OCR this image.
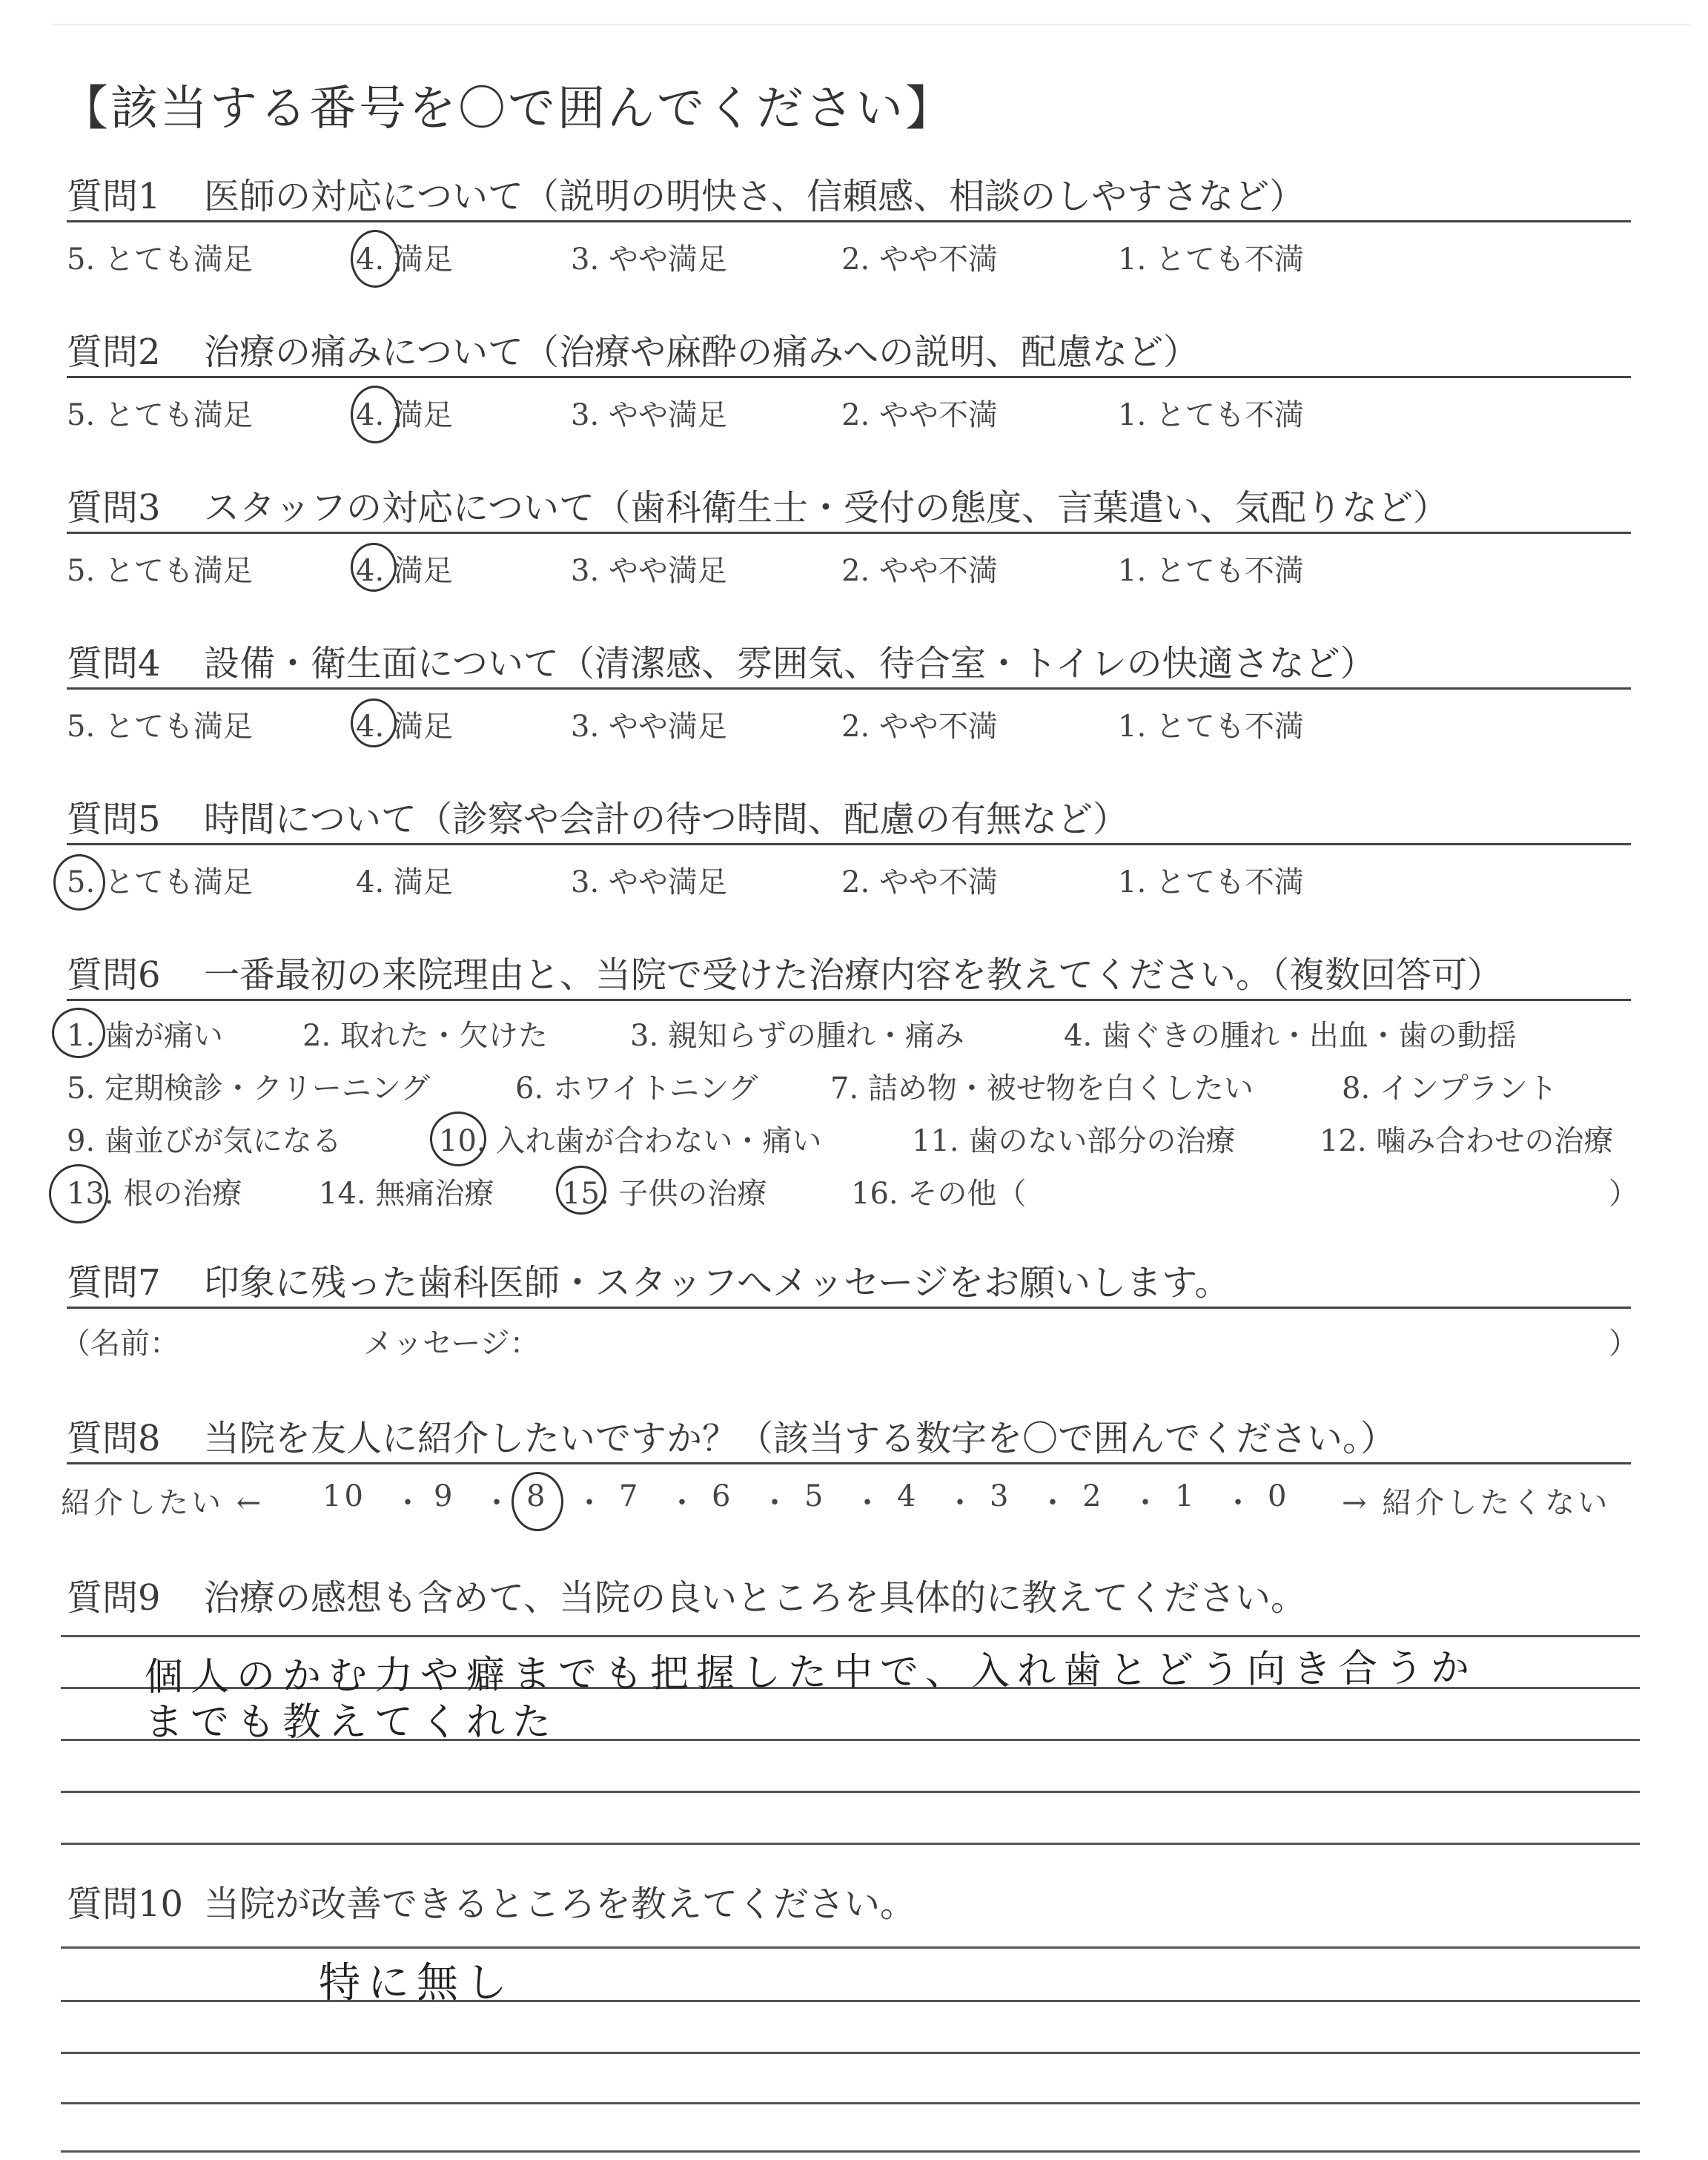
【該当する番号を〇で囲んでください】
質問1 医師の対応について（説明の明快さ、信頼感、相談のしやすさなど）
5. とても満足	4. 満足	3. やや満足	2. やや不満	1. とても不満
質問2 治療の痛みについて（治療や麻酔の痛みへの説明、配慮など）
5. とても満足	4. 満足	3. やや満足	2. やや不満	1. とても不満
質問3 スタッフの対応について（歯科衛生士・受付の態度、言葉遣い、気配りなど）
5. とても満足	4. 満足	3. やや満足	2. やや不満	1. とても不満
質問4 設備・衛生面について（清潔感、雰囲気、待合室・トイレの快適さなど）
5. とても満足	4. 満足	3. やや満足	2. やや不満	1. とても不満
質問5 時間について（診察や会計の待つ時間、配慮の有無など）
5. とても満足	4. 満足	3. やや満足	2. やや不満	1. とても不満
質問6 一番最初の来院理由と、当院で受けた治療内容を教えてください。（複数回答可）
1. 歯が痛い	2. 取れた・欠けた	3. 親知らずの腫れ・痛み	4. 歯ぐきの腫れ・出血・歯の動揺
5. 定期検診・クリーニング	6. ホワイトニング 7. 詰め物・被せ物を白くしたい	8. インプラント
9. 歯並びが気になる	10. 入れ歯が合わない・痛い	11. 歯のない部分の治療	12. 噛み合わせの治療
13. 根の治療	14. 無痛治療 15. 子供の治療	16. その他（	）
質問7 印象に残った歯科医師・スタッフへメッセージをお願いします。
（名前：	メッセージ：	）
質問8 当院を友人に紹介したいですか？（該当する数字を〇で囲んでください。）
紹介したい ← 10 ・ 9 ・ 8 ・ 7 ・ 6 ・ 5 ・ 4 ・ 3 ・ 2 ・ 1 ・ 0 → 紹介したくない
質問9 治療の感想も含めて、当院の良いところを具体的に教えてください。
個人のかむ力や癖までも把握した中で、入れ歯とどう向き合うか
までも教えてくれた
質問10 当院が改善できるところを教えてください。
特に無し
